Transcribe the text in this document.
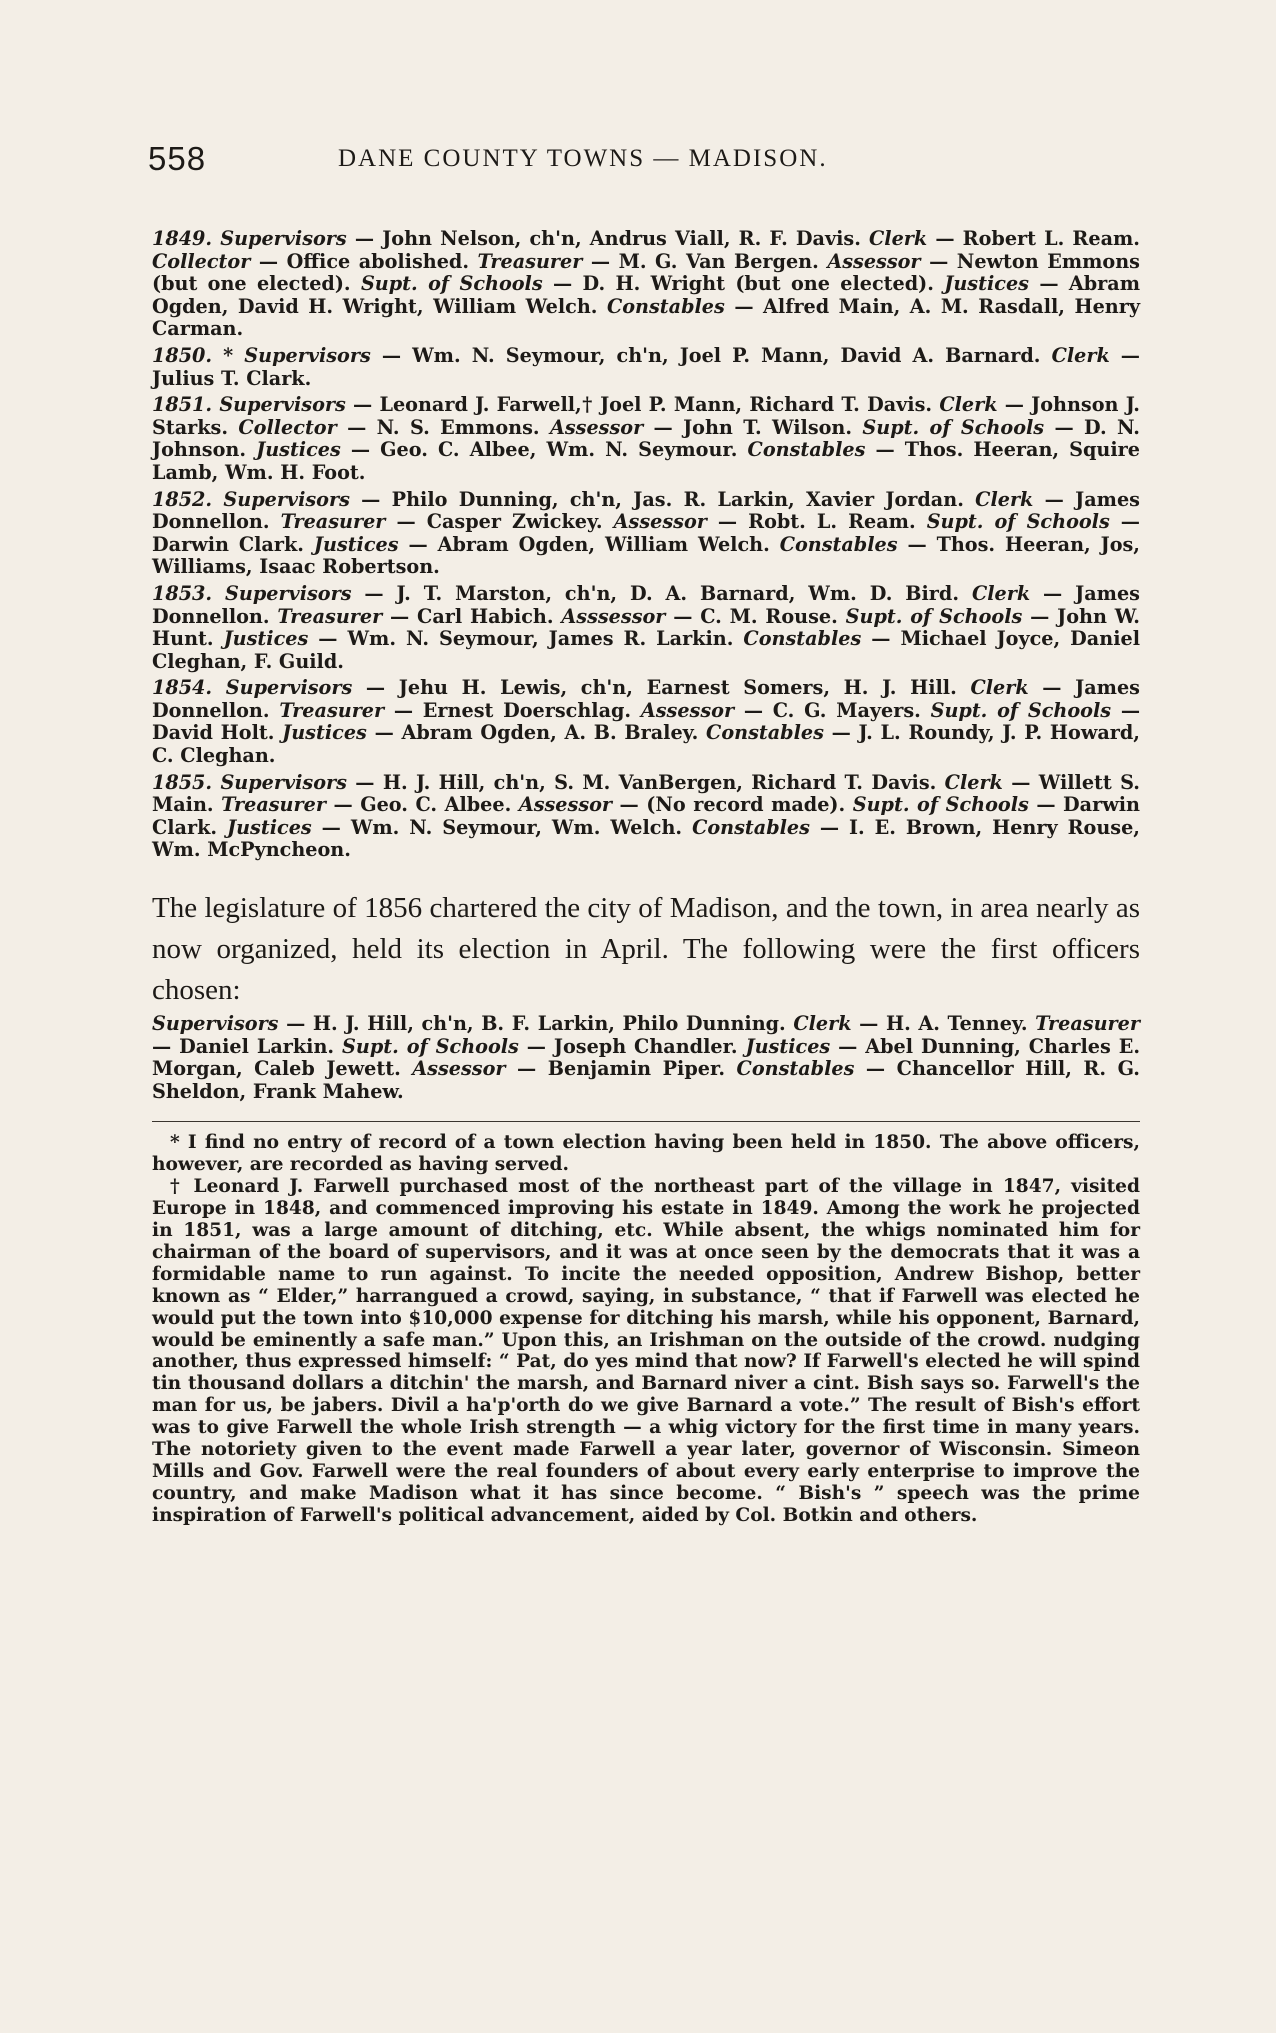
558	DANE COUNTY TOWNS — MADISON.

1849. Supervisors — John Nelson, ch'n, Andrus Viall, R. F. Davis. Clerk — Robert L. Ream. Collector — Office abolished. Treasurer — M. G. Van Bergen. Assessor — Newton Emmons (but one elected). Supt. of Schools — D. H. Wright (but one elected). Justices — Abram Ogden, David H. Wright, William Welch. Constables — Alfred Main, A. M. Rasdall, Henry Carman.

1850. * Supervisors — Wm. N. Seymour, ch'n, Joel P. Mann, David A. Barnard. Clerk — Julius T. Clark.

1851. Supervisors — Leonard J. Farwell,† Joel P. Mann, Richard T. Davis. Clerk — Johnson J. Starks. Collector — N. S. Emmons. Assessor — John T. Wilson. Supt. of Schools — D. N. Johnson. Justices — Geo. C. Albee, Wm. N. Seymour. Constables — Thos. Heeran, Squire Lamb, Wm. H. Foot.

1852. Supervisors — Philo Dunning, ch'n, Jas. R. Larkin, Xavier Jordan. Clerk — James Donnellon. Treasurer — Casper Zwickey. Assessor — Robt. L. Ream. Supt. of Schools — Darwin Clark. Justices — Abram Ogden, William Welch. Constables — Thos. Heeran, Jos, Williams, Isaac Robertson.

1853. Supervisors — J. T. Marston, ch'n, D. A. Barnard, Wm. D. Bird. Clerk — James Donnellon. Treasurer — Carl Habich. Asssessor — C. M. Rouse. Supt. of Schools — John W. Hunt. Justices — Wm. N. Seymour, James R. Larkin. Constables — Michael Joyce, Daniel Cleghan, F. Guild.

1854. Supervisors — Jehu H. Lewis, ch'n, Earnest Somers, H. J. Hill. Clerk — James Donnellon. Treasurer — Ernest Doerschlag. Assessor — C. G. Mayers. Supt. of Schools — David Holt. Justices — Abram Ogden, A. B. Braley. Constables — J. L. Roundy, J. P. Howard, C. Cleghan.

1855. Supervisors — H. J. Hill, ch'n, S. M. VanBergen, Richard T. Davis. Clerk — Willett S. Main. Treasurer — Geo. C. Albee. Assessor — (No record made). Supt. of Schools — Darwin Clark. Justices — Wm. N. Seymour, Wm. Welch. Constables — I. E. Brown, Henry Rouse, Wm. McPyncheon.

The legislature of 1856 chartered the city of Madison, and the town, in area nearly as now organized, held its election in April. The following were the first officers chosen:

Supervisors — H. J. Hill, ch'n, B. F. Larkin, Philo Dunning. Clerk — H. A. Tenney. Treasurer — Daniel Larkin. Supt. of Schools — Joseph Chandler. Justices — Abel Dunning, Charles E. Morgan, Caleb Jewett. Assessor — Benjamin Piper. Constables — Chancellor Hill, R. G. Sheldon, Frank Mahew.

* I find no entry of record of a town election having been held in 1850. The above officers, however, are recorded as having served.

† Leonard J. Farwell purchased most of the northeast part of the village in 1847, visited Europe in 1848, and commenced improving his estate in 1849. Among the work he projected in 1851, was a large amount of ditching, etc. While absent, the whigs nominated him for chairman of the board of supervisors, and it was at once seen by the democrats that it was a formidable name to run against. To incite the needed opposition, Andrew Bishop, better known as “ Elder,” harrangued a crowd, saying, in substance, “ that if Farwell was elected he would put the town into $10,000 expense for ditching his marsh, while his opponent, Barnard, would be eminently a safe man.” Upon this, an Irishman on the outside of the crowd. nudging another, thus expressed himself: “ Pat, do yes mind that now? If Farwell's elected he will spind tin thousand dollars a ditchin' the marsh, and Barnard niver a cint. Bish says so. Farwell's the man for us, be jabers. Divil a ha'p'orth do we give Barnard a vote.” The result of Bish's effort was to give Farwell the whole Irish strength — a whig victory for the first time in many years. The notoriety given to the event made Farwell a year later, governor of Wisconsin. Simeon Mills and Gov. Farwell were the real founders of about every early enterprise to improve the country, and make Madison what it has since become. “ Bish's ” speech was the prime inspiration of Farwell's political advancement, aided by Col. Botkin and others.
